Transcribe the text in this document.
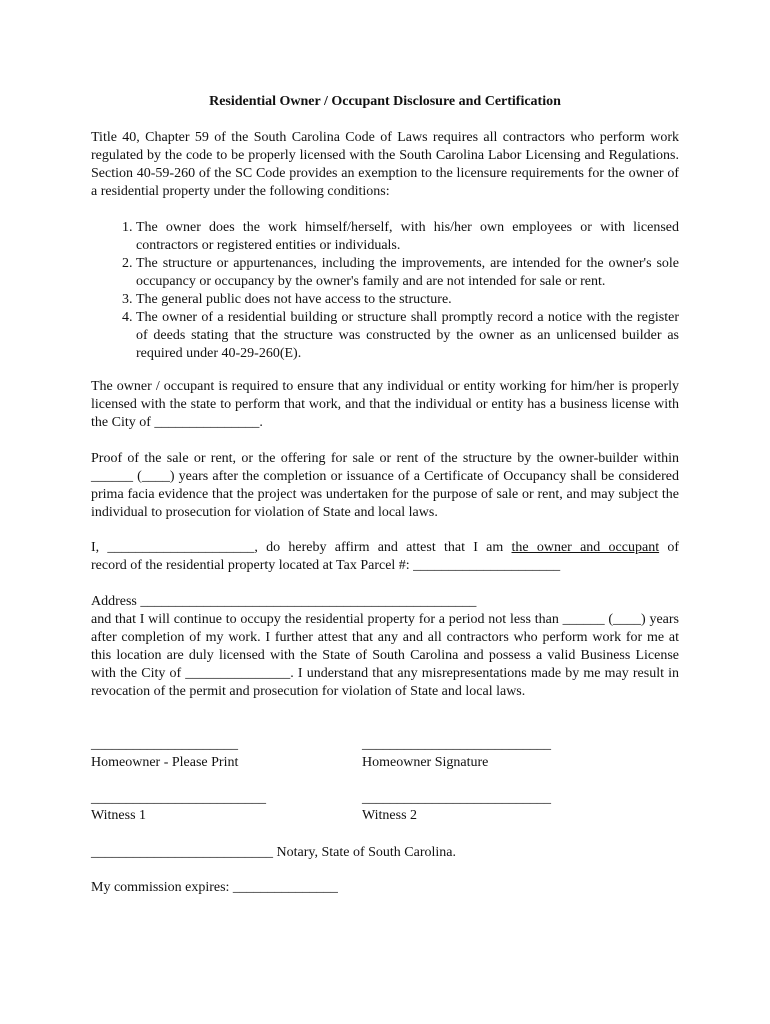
Residential Owner / Occupant Disclosure and Certification

Title 40, Chapter 59 of the South Carolina Code of Laws requires all contractors who perform work regulated by the code to be properly licensed with the South Carolina Labor Licensing and Regulations. Section 40-59-260 of the SC Code provides an exemption to the licensure requirements for the owner of a residential property under the following conditions:

1. The owner does the work himself/herself, with his/her own employees or with licensed contractors or registered entities or individuals.
2. The structure or appurtenances, including the improvements, are intended for the owner's sole occupancy or occupancy by the owner's family and are not intended for sale or rent.
3. The general public does not have access to the structure.
4. The owner of a residential building or structure shall promptly record a notice with the register of deeds stating that the structure was constructed by the owner as an unlicensed builder as required under 40-29-260(E).

The owner / occupant is required to ensure that any individual or entity working for him/her is properly licensed with the state to perform that work, and that the individual or entity has a business license with the City of _______________.

Proof of the sale or rent, or the offering for sale or rent of the structure by the owner-builder within ______ (____) years after the completion or issuance of a Certificate of Occupancy shall be considered prima facia evidence that the project was undertaken for the purpose of sale or rent, and may subject the individual to prosecution for violation of State and local laws.

I, _____________________, do hereby affirm and attest that I am the owner and occupant of
record of the residential property located at Tax Parcel #: _____________________

Address ________________________________________________

and that I will continue to occupy the residential property for a period not less than ______ (____) years after completion of my work. I further attest that any and all contractors who perform work for me at this location are duly licensed with the State of South Carolina and possess a valid Business License with the City of _______________. I understand that any misrepresentations made by me may result in revocation of the permit and prosecution for violation of State and local laws.

_____________________
Homeowner - Please Print
___________________________
Homeowner Signature
_________________________
Witness 1
___________________________
Witness 2
__________________________ Notary, State of South Carolina.
My commission expires: _______________
